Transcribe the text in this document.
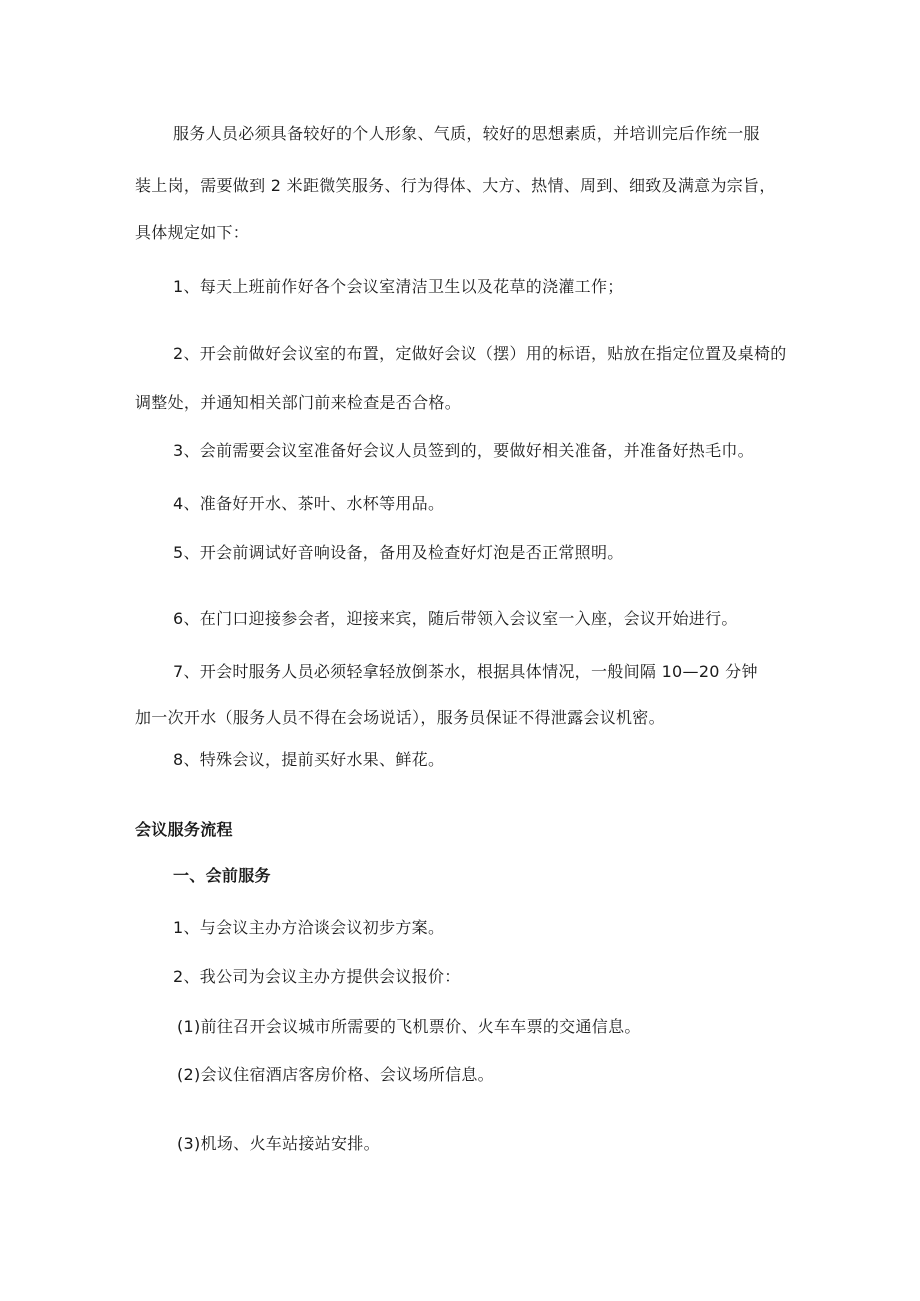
服务人员必须具备较好的个人形象、气质，较好的思想素质，并培训完后作统一服
装上岗，需要做到 2 米距微笑服务、行为得体、大方、热情、周到、细致及满意为宗旨，
具体规定如下：
1、每天上班前作好各个会议室清洁卫生以及花草的浇灌工作；
2、开会前做好会议室的布置，定做好会议（摆）用的标语，贴放在指定位置及桌椅的
调整处，并通知相关部门前来检查是否合格。
3、会前需要会议室准备好会议人员签到的，要做好相关准备，并准备好热毛巾。
4、准备好开水、茶叶、水杯等用品。
5、开会前调试好音响设备，备用及检查好灯泡是否正常照明。
6、在门口迎接参会者，迎接来宾，随后带领入会议室一入座，会议开始进行。
7、开会时服务人员必须轻拿轻放倒茶水，根据具体情况，一般间隔 10—20 分钟
加一次开水（服务人员不得在会场说话），服务员保证不得泄露会议机密。
8、特殊会议，提前买好水果、鲜花。
会议服务流程
一、会前服务
1、与会议主办方洽谈会议初步方案。
2、我公司为会议主办方提供会议报价：
(1)前往召开会议城市所需要的飞机票价、火车车票的交通信息。
(2)会议住宿酒店客房价格、会议场所信息。
(3)机场、火车站接站安排。
